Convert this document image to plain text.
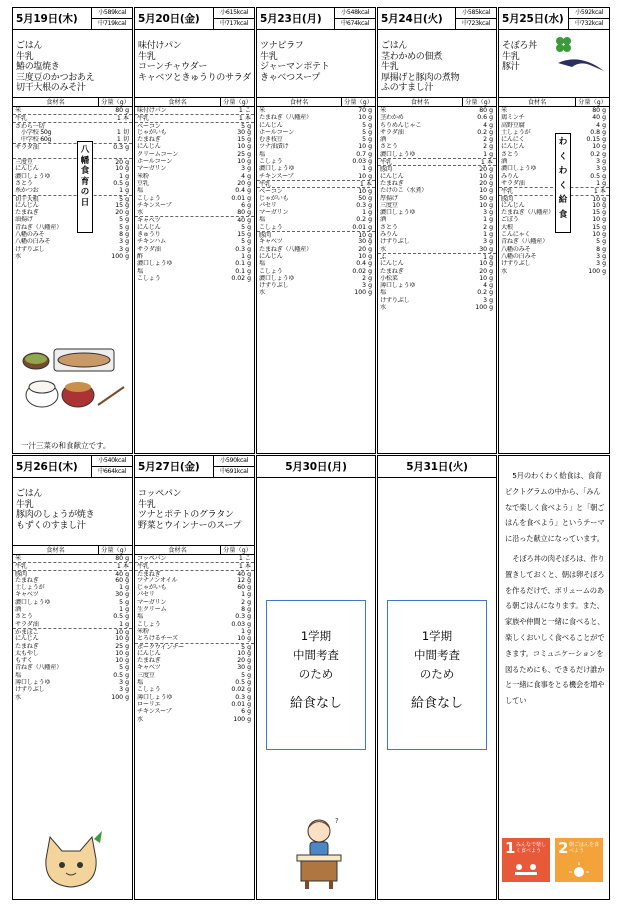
5月19日(木)
小589kcal
中719kcal
ごはん
牛乳
鰆の塩焼き
三度豆のかつおあえ
切干大根のみそ汁
食材名	分量（g）
米	80 g
牛乳	1 本
さわら一切
　小学校 50g	1 切
　中学校 60g	1 切
サラダ油	0.3 g
三度豆	20 g
にんじん	10 g
濃口しょうゆ	1 g
さとう	0.5 g
糸かつお	1 g
切干大根	5 g
にんじん	15 g
たまねぎ	20 g
油揚げ	5 g
青ねぎ（八幡産）	5 g
八幡のみそ	8 g
八幡の白みそ	3 g
けずりぶし	3 g
水	100 g
八
幡
食
育
の
日
一汁三菜の和食献立です。
5月20日(金)
小615kcal
中717kcal
味付けパン
牛乳
コーンチャウダー
キャベツときゅうりのサラダ
食材名	分量（g）
味付けパン	1 こ
牛乳	1 本
ベーコン	5 g
じゃがいも	30 g
たまねぎ	15 g
にんじん	10 g
クリームコーン	25 g
ホールコーン	10 g
マーガリン	3 g
米粉	4 g
豆乳	20 g
塩	0.4 g
こしょう	0.01 g
チキンスープ	6 g
水	80 g
キャベツ	40 g
にんじん	5 g
きゅうり	15 g
チキンハム	5 g
サラダ油	0.3 g
酢	1 g
濃口しょうゆ	0.1 g
塩	0.1 g
こしょう	0.02 g
5月23日(月)
小548kcal
中674kcal
ツナピラフ
牛乳
ジャーマンポテト
きゃべつスープ
食材名	分量（g）
米	70 g
たまねぎ（八幡産）	10 g
にんじん	5 g
ホールコーン	5 g
むき枝豆	5 g
ツナ油漬け	10 g
塩	0.7 g
こしょう	0.03 g
濃口しょうゆ	1 g
チキンスープ	10 g
牛乳	1 本
ベーコン	10 g
じゃがいも	50 g
パセリ	0.3 g
マーガリン	1 g
塩	0.2 g
こしょう	0.01 g
豚肉	10 g
キャベツ	30 g
たまねぎ（八幡産）	20 g
にんじん	10 g
塩	0.4 g
こしょう	0.02 g
濃口しょうゆ	2 g
けずりぶし	3 g
水	100 g
5月24日(火)
小585kcal
中723kcal
ごはん
茎わかめの佃煮
牛乳
厚揚げと豚肉の煮物
ふのすまし汁
食材名	分量（g）
米	80 g
茎わかめ	0.6 g
ちりめんじゃこ	4 g
サラダ油	0.2 g
酒	2 g
さとう	2 g
濃口しょうゆ	1 g
牛乳	1 本
豚肉	20 g
にんじん	10 g
たまねぎ	20 g
たけのこ（水煮）	10 g
厚揚げ	50 g
三度豆	10 g
濃口しょうゆ	3 g
酒	1 g
さとう	2 g
みりん	1 g
けずりぶし	3 g
水	30 g
ふ	1 g
にんじん	10 g
たまねぎ	20 g
小松菜	10 g
薄口しょうゆ	4 g
塩	0.2 g
けずりぶし	3 g
水	100 g
5月25日(水)
小592kcal
中732kcal
そぼろ丼
牛乳
豚汁
食材名	分量（g）
米	80 g
鶏ミンチ	40 g
高野豆腐	4 g
土しょうが	0.8 g
にんにく	0.15 g
にんじん	10 g
さとう	0.2 g
酒	3 g
濃口しょうゆ	3 g
みりん	0.5 g
サラダ油	1 g
牛乳	1 本
豚肉	10 g
にんじん	10 g
たまねぎ（八幡産）	15 g
ごぼう	10 g
大根	15 g
こんにゃく	10 g
青ねぎ（八幡産）	5 g
八幡のみそ	8 g
八幡の白みそ	3 g
けずりぶし	3 g
水	100 g
わ
く
わ
く
給
食
5月26日(木)
小540kcal
中664kcal
ごはん
牛乳
豚肉のしょうが焼き
もずくのすまし汁
食材名	分量（g）
米	80 g
牛乳	1 本
豚肉	40 g
たまねぎ	60 g
土しょうが	1 g
キャベツ	30 g
濃口しょうゆ	5 g
酒	1 g
さとう	0.5 g
サラダ油	1 g
かまぼこ	10 g
にんじん	10 g
たまねぎ	25 g
太もやし	10 g
もずく	10 g
青ねぎ（八幡産）	5 g
塩	0.5 g
薄口しょうゆ	3 g
けずりぶし	3 g
水	100 g
5月27日(金)
小590kcal
中691kcal
コッペパン
牛乳
ツナとポテトのグラタン
野菜とウインナーのスープ
食材名	分量（g）
コッペパン	1 こ
牛乳	1 本
たまねぎ	40 g
ツナノンオイル	12 g
じゃがいも	60 g
パセリ	1 g
マーガリン	2 g
生クリーム	8 g
塩	0.3 g
こしょう	0.03 g
米粉	1 g
とろけるチーズ	10 g
ポークウインナー	5 g
にんじん	10 g
たまねぎ	20 g
キャベツ	30 g
三度豆	5 g
塩	0.5 g
こしょう	0.02 g
薄口しょうゆ	0.3 g
ローリエ	0.01 g
チキンスープ	6 g
水	100 g
5月30日(月)
1学期
中間考査
のため
給食なし
?
5月31日(火)
1学期
中間考査
のため
給食なし

5月のわくわく給食は、食育ピクトグラムの中から、「みんなで楽しく食べよう」と「朝ごはんを食べよう」というテーマに沿った献立になっています。

そぼろ丼の肉そぼろは、作り置きしておくと、朝は卵そぼろを作るだけで、ボリュームのある朝ごはんになります。また、家族や仲間と一緒に食べると、楽しくおいしく食べることができます。コミュニケーションを図るためにも、できるだけ誰かと一緒に食事をとる機会を増やしてい

1 みんなで楽しく食べよう	2 朝ごはんを食べよう
